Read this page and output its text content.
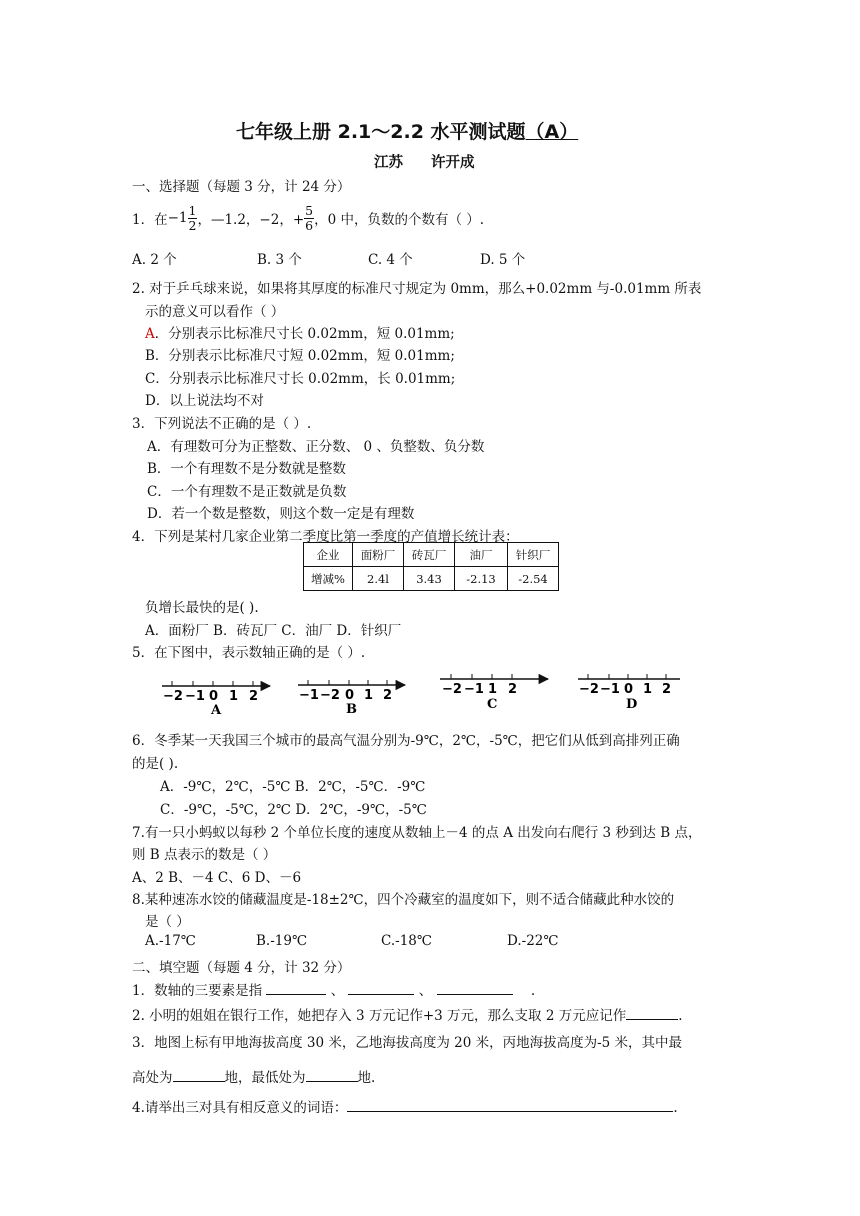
七年级上册 2.1～2.2 水平测试题（A）
江苏 许开成
一、选择题（每题 3 分，计 24 分）
1．在 $-1 \frac{1}{2}$ ，—1.2，−2，+ $\frac{5}{6}$ ，0 中，负数的个数有（ ）.
A. 2 个	B. 3 个	C. 4 个	D. 5 个
2. 对于乒乓球来说，如果将其厚度的标准尺寸规定为 0mm，那么+0.02mm 与-0.01mm 所表
示的意义可以看作（ ）
A．分别表示比标准尺寸长 0.02mm，短 0.01mm;
B．分别表示比标准尺寸短 0.02mm，短 0.01mm;
C．分别表示比标准尺寸长 0.02mm，长 0.01mm;
D．以上说法均不对
3．下列说法不正确的是（ ）.
A．有理数可分为正整数、正分数、 0 、负整数、负分数
B．一个有理数不是分数就是整数
C．一个有理数不是正数就是负数
D．若一个数是整数，则这个数一定是有理数
4．下列是某村几家企业第二季度比第一季度的产值增长统计表：
企业	面粉厂	砖瓦厂	油厂	针织厂
增减%	2.4l	3.43	-2.13	-2.54
负增长最快的是( ).
A．面粉厂 B．砖瓦厂 C．油厂 D．针织厂
5．在下图中，表示数轴正确的是（ ）.
−2 −1 0 1 2
A
−1 −2 0 1 2
B
−2 −1 1 2
C
−2 −1 0 1 2
D
6．冬季某一天我国三个城市的最高气温分别为-9℃，2℃，-5℃，把它们从低到高排列正确
的是( ).
A．-9℃，2℃，-5℃ B．2℃，-5℃．-9℃
C．-9℃，-5℃，2℃ D．2℃，-9℃，-5℃
7.有一只小蚂蚁以每秒 2 个单位长度的速度从数轴上－4 的点 A 出发向右爬行 3 秒到达 B 点，
则 B 点表示的数是（ ）
A、2 B、－4 C、6 D、－6
8.某种速冻水饺的储藏温度是-18±2℃，四个冷藏室的温度如下，则不适合储藏此种水饺的
是（ ）
A.-17℃	B.-19℃	C.-18℃	D.-22℃
二、填空题（每题 4 分，计 32 分）
1．数轴的三要素是指	、	、	.
2. 小明的姐姐在银行工作，她把存入 3 万元记作+3 万元，那么支取 2 万元应记作	.
3．地图上标有甲地海拔高度 30 米，乙地海拔高度为 20 米，丙地海拔高度为-5 米，其中最
高处为	地，最低处为	地.
4.请举出三对具有相反意义的词语：	.
